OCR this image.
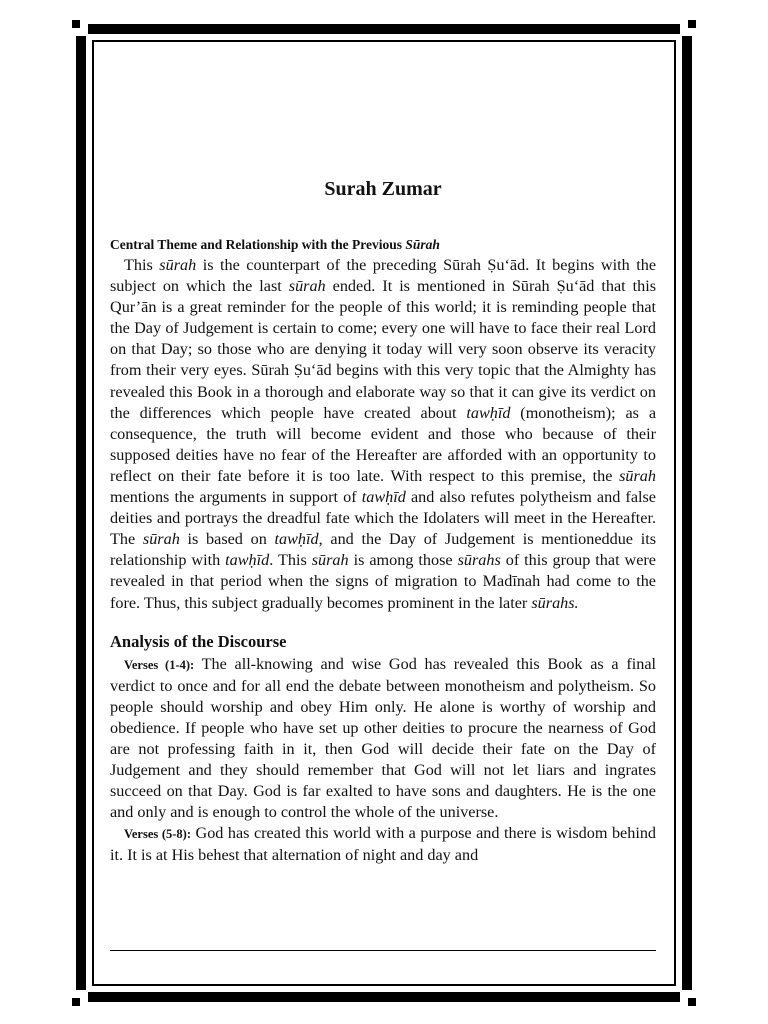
Surah Zumar
Central Theme and Relationship with the Previous Sūrah

This sūrah is the counterpart of the preceding Sūrah Ṣu‘ād. It begins with the subject on which the last sūrah ended. It is mentioned in Sūrah Ṣu‘ād that this Qur’ān is a great reminder for the people of this world; it is reminding people that the Day of Judgement is certain to come; every one will have to face their real Lord on that Day; so those who are denying it today will very soon observe its veracity from their very eyes. Sūrah Ṣu‘ād begins with this very topic that the Almighty has revealed this Book in a thorough and elaborate way so that it can give its verdict on the differences which people have created about tawḥīd (monotheism); as a consequence, the truth will become evident and those who because of their supposed deities have no fear of the Hereafter are afforded with an opportunity to reflect on their fate before it is too late. With respect to this premise, the sūrah mentions the arguments in support of tawḥīd and also refutes polytheism and false deities and portrays the dreadful fate which the Idolaters will meet in the Hereafter. The sūrah is based on tawḥīd, and the Day of Judgement is mentioneddue its relationship with tawḥīd. This sūrah is among those sūrahs of this group that were revealed in that period when the signs of migration to Madīnah had come to the fore. Thus, this subject gradually becomes prominent in the later sūrahs.

Analysis of the Discourse

Verses (1-4): The all-knowing and wise God has revealed this Book as a final verdict to once and for all end the debate between monotheism and polytheism. So people should worship and obey Him only. He alone is worthy of worship and obedience. If people who have set up other deities to procure the nearness of God are not professing faith in it, then God will decide their fate on the Day of Judgement and they should remember that God will not let liars and ingrates succeed on that Day. God is far exalted to have sons and daughters. He is the one and only and is enough to control the whole of the universe.

Verses (5-8): God has created this world with a purpose and there is wisdom behind it. It is at His behest that alternation of night and day and
